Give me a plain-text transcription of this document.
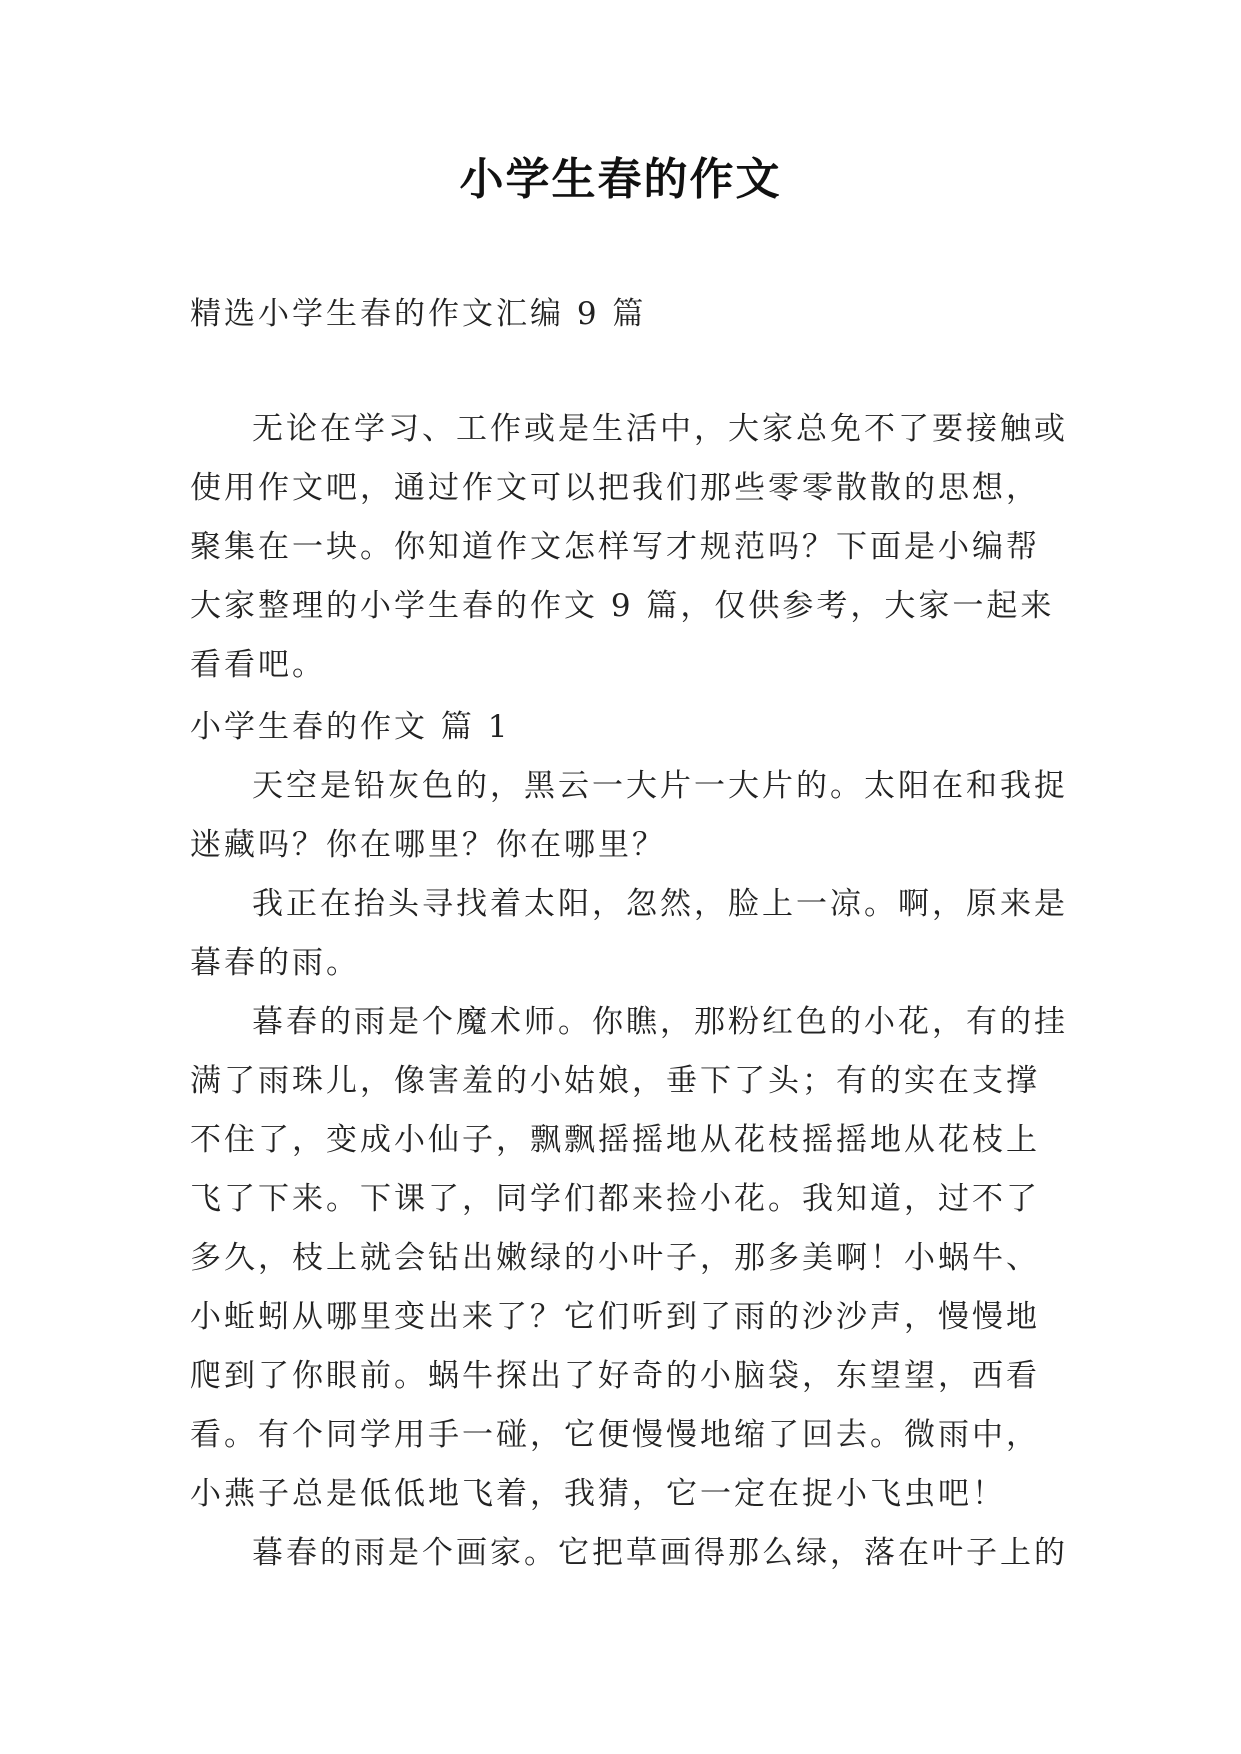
小学生春的作文
精选小学生春的作文汇编 9 篇

无论在学习、工作或是生活中，大家总免不了要接触或使用作文吧，通过作文可以把我们那些零零散散的思想，聚集在一块。你知道作文怎样写才规范吗？下面是小编帮大家整理的小学生春的作文 9 篇，仅供参考，大家一起来看看吧。

小学生春的作文 篇 1

天空是铅灰色的，黑云一大片一大片的。太阳在和我捉迷藏吗？你在哪里？你在哪里？

我正在抬头寻找着太阳，忽然，脸上一凉。啊，原来是暮春的雨。

暮春的雨是个魔术师。你瞧，那粉红色的小花，有的挂满了雨珠儿，像害羞的小姑娘，垂下了头；有的实在支撑不住了，变成小仙子，飘飘摇摇地从花枝摇摇地从花枝上飞了下来。下课了，同学们都来捡小花。我知道，过不了多久，枝上就会钻出嫩绿的小叶子，那多美啊！小蜗牛、小蚯蚓从哪里变出来了？它们听到了雨的沙沙声，慢慢地爬到了你眼前。蜗牛探出了好奇的小脑袋，东望望，西看看。有个同学用手一碰，它便慢慢地缩了回去。微雨中，小燕子总是低低地飞着，我猜，它一定在捉小飞虫吧！

暮春的雨是个画家。它把草画得那么绿，落在叶子上的
